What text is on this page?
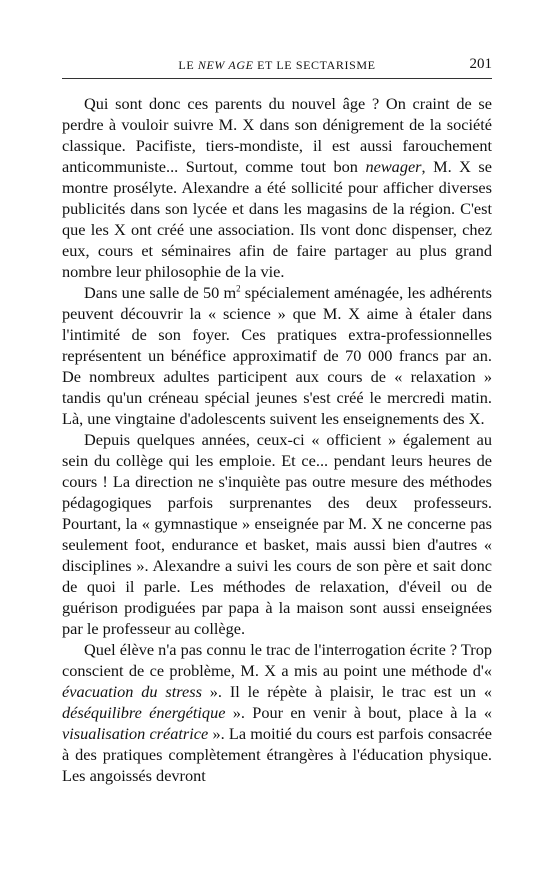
LE NEW AGE ET LE SECTARISME	201

Qui sont donc ces parents du nouvel âge ? On craint de se perdre à vouloir suivre M. X dans son dénigrement de la société classique. Pacifiste, tiers-mondiste, il est aussi farouchement anticommuniste... Surtout, comme tout bon newager, M. X se montre prosélyte. Alexandre a été sollicité pour afficher diverses publicités dans son lycée et dans les magasins de la région. C'est que les X ont créé une association. Ils vont donc dispenser, chez eux, cours et séminaires afin de faire partager au plus grand nombre leur philosophie de la vie.

Dans une salle de 50 $m^2$ spécialement aménagée, les adhérents peuvent découvrir la « science » que M. X aime à étaler dans l'intimité de son foyer. Ces pratiques extra-professionnelles représentent un bénéfice approximatif de 70 000 francs par an. De nombreux adultes participent aux cours de « relaxation » tandis qu'un créneau spécial jeunes s'est créé le mercredi matin. Là, une vingtaine d'adolescents suivent les enseignements des X.

Depuis quelques années, ceux-ci « officient » également au sein du collège qui les emploie. Et ce... pendant leurs heures de cours ! La direction ne s'inquiète pas outre mesure des méthodes pédagogiques parfois surprenantes des deux professeurs. Pourtant, la « gymnastique » enseignée par M. X ne concerne pas seulement foot, endurance et basket, mais aussi bien d'autres « disciplines ». Alexandre a suivi les cours de son père et sait donc de quoi il parle. Les méthodes de relaxation, d'éveil ou de guérison prodiguées par papa à la maison sont aussi enseignées par le professeur au collège.

Quel élève n'a pas connu le trac de l'interrogation écrite ? Trop conscient de ce problème, M. X a mis au point une méthode d'« évacuation du stress ». Il le répète à plaisir, le trac est un « déséquilibre énergétique ». Pour en venir à bout, place à la « visualisation créatrice ». La moitié du cours est parfois consacrée à des pratiques complètement étrangères à l'éducation physique. Les angoissés devront
